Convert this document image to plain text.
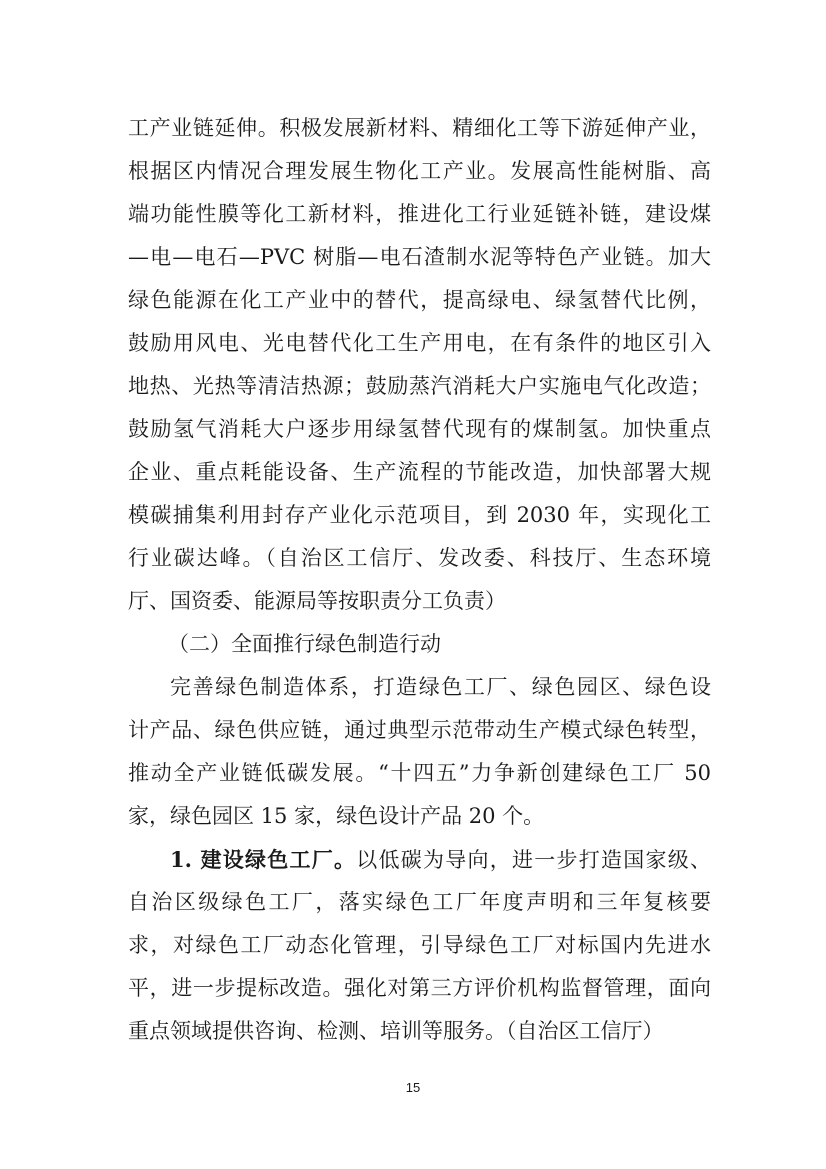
工产业链延伸。积极发展新材料、精细化工等下游延伸产业，
根据区内情况合理发展生物化工产业。发展高性能树脂、高
端功能性膜等化工新材料，推进化工行业延链补链，建设煤
—电—电石—PVC 树脂—电石渣制水泥等特色产业链。加大
绿色能源在化工产业中的替代，提高绿电、绿氢替代比例，
鼓励用风电、光电替代化工生产用电，在有条件的地区引入
地热、光热等清洁热源；鼓励蒸汽消耗大户实施电气化改造；
鼓励氢气消耗大户逐步用绿氢替代现有的煤制氢。加快重点
企业、重点耗能设备、生产流程的节能改造，加快部署大规
模碳捕集利用封存产业化示范项目，到 2030 年，实现化工
行业碳达峰。（自治区工信厅、发改委、科技厅、生态环境
厅、国资委、能源局等按职责分工负责）
（二）全面推行绿色制造行动
完善绿色制造体系，打造绿色工厂、绿色园区、绿色设
计产品、绿色供应链，通过典型示范带动生产模式绿色转型，
推动全产业链低碳发展。“十四五”力争新创建绿色工厂 50
家，绿色园区 15 家，绿色设计产品 20 个。
1. 建设绿色工厂。以低碳为导向，进一步打造国家级、
自治区级绿色工厂，落实绿色工厂年度声明和三年复核要
求，对绿色工厂动态化管理，引导绿色工厂对标国内先进水
平，进一步提标改造。强化对第三方评价机构监督管理，面向
重点领域提供咨询、检测、培训等服务。（自治区工信厅）
15
